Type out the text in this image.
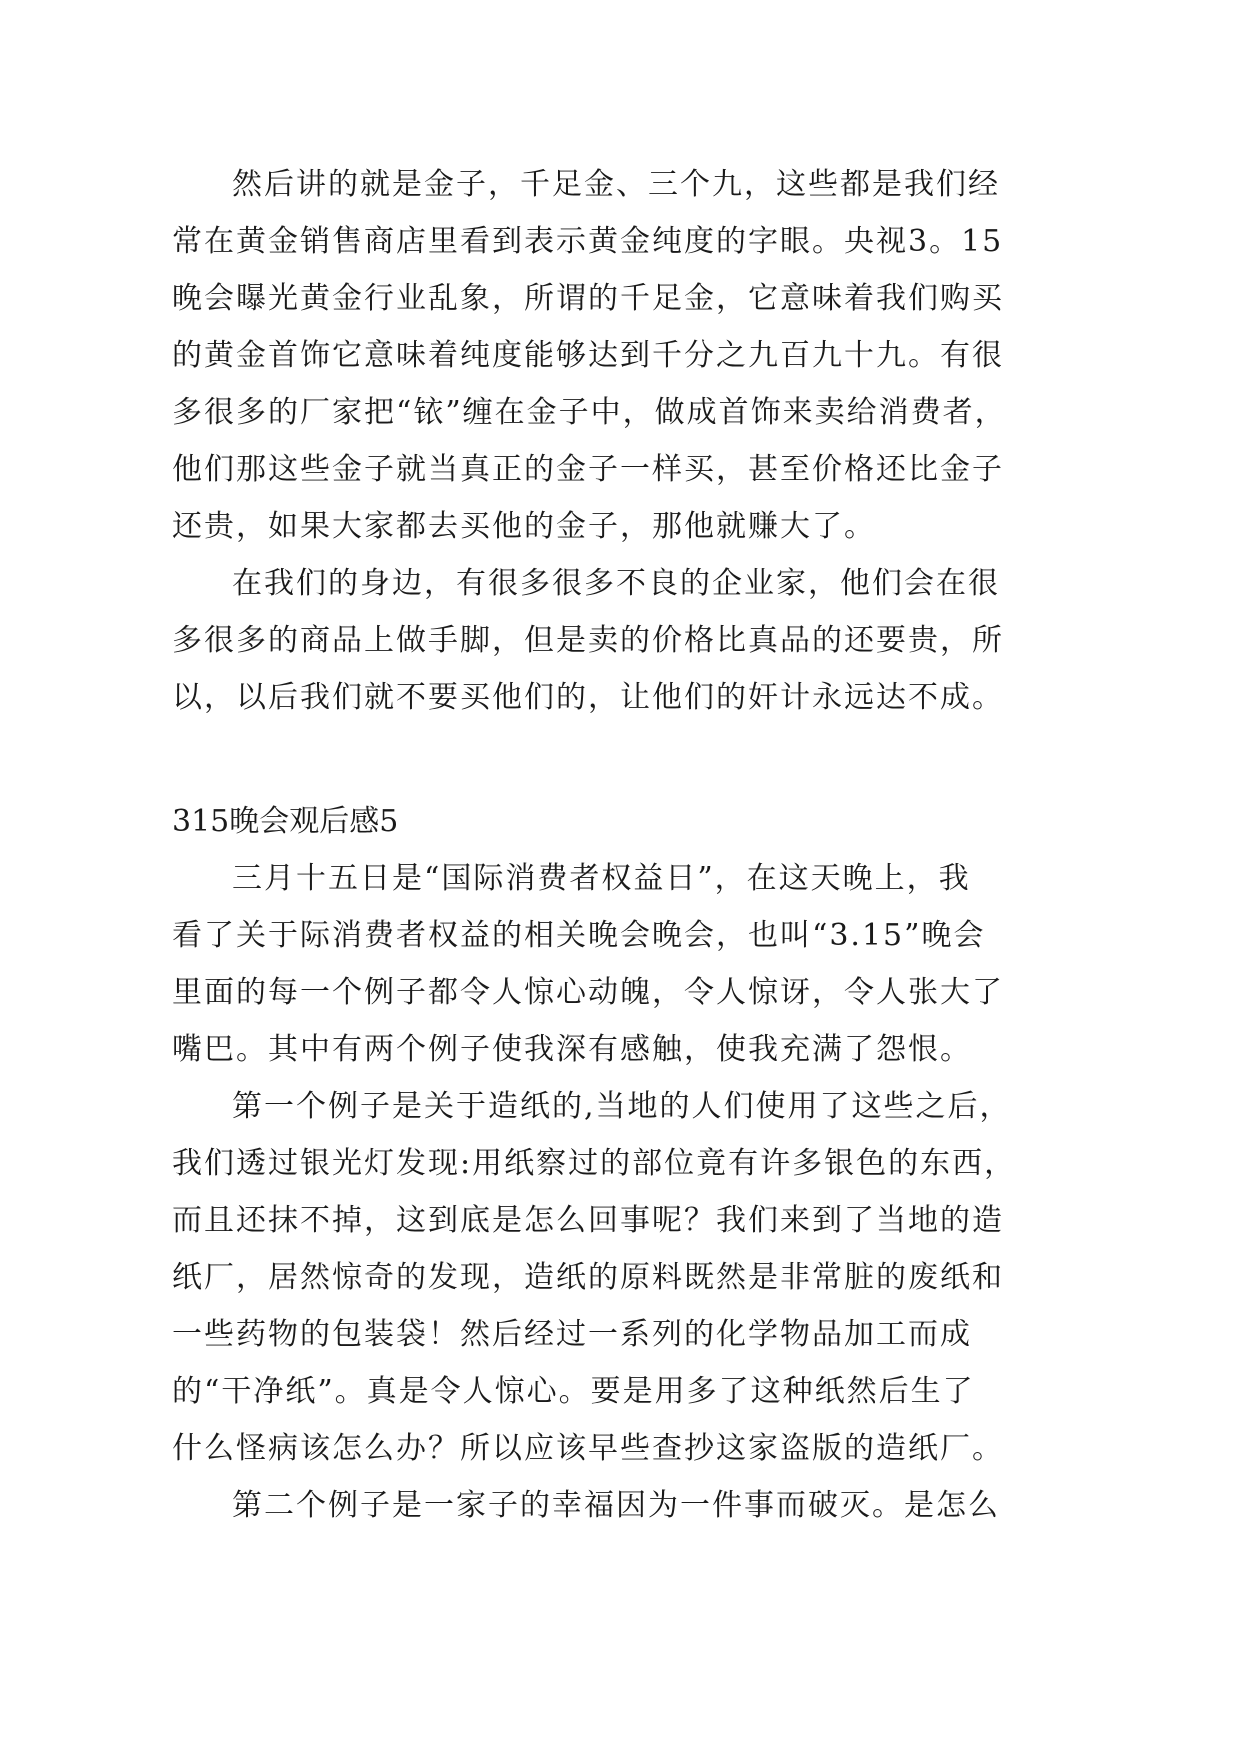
然后讲的就是金子，千足金、三个九，这些都是我们经
常在黄金销售商店里看到表示黄金纯度的字眼。央视3。15
晚会曝光黄金行业乱象，所谓的千足金，它意味着我们购买
的黄金首饰它意味着纯度能够达到千分之九百九十九。有很
多很多的厂家把“铱”缠在金子中，做成首饰来卖给消费者，
他们那这些金子就当真正的金子一样买，甚至价格还比金子
还贵，如果大家都去买他的金子，那他就赚大了。
在我们的身边，有很多很多不良的企业家，他们会在很
多很多的商品上做手脚，但是卖的价格比真品的还要贵，所
以，以后我们就不要买他们的，让他们的奸计永远达不成。
315晚会观后感5
三月十五日是“国际消费者权益日”，在这天晚上，我
看了关于际消费者权益的相关晚会晚会，也叫“3.15”晚会
里面的每一个例子都令人惊心动魄，令人惊讶，令人张大了
嘴巴。其中有两个例子使我深有感触，使我充满了怨恨。
第一个例子是关于造纸的,当地的人们使用了这些之后，
我们透过银光灯发现:用纸察过的部位竟有许多银色的东西，
而且还抹不掉，这到底是怎么回事呢？我们来到了当地的造
纸厂，居然惊奇的发现，造纸的原料既然是非常脏的废纸和
一些药物的包装袋！然后经过一系列的化学物品加工而成
的“干净纸”。真是令人惊心。要是用多了这种纸然后生了
什么怪病该怎么办？所以应该早些查抄这家盗版的造纸厂。
第二个例子是一家子的幸福因为一件事而破灭。是怎么
